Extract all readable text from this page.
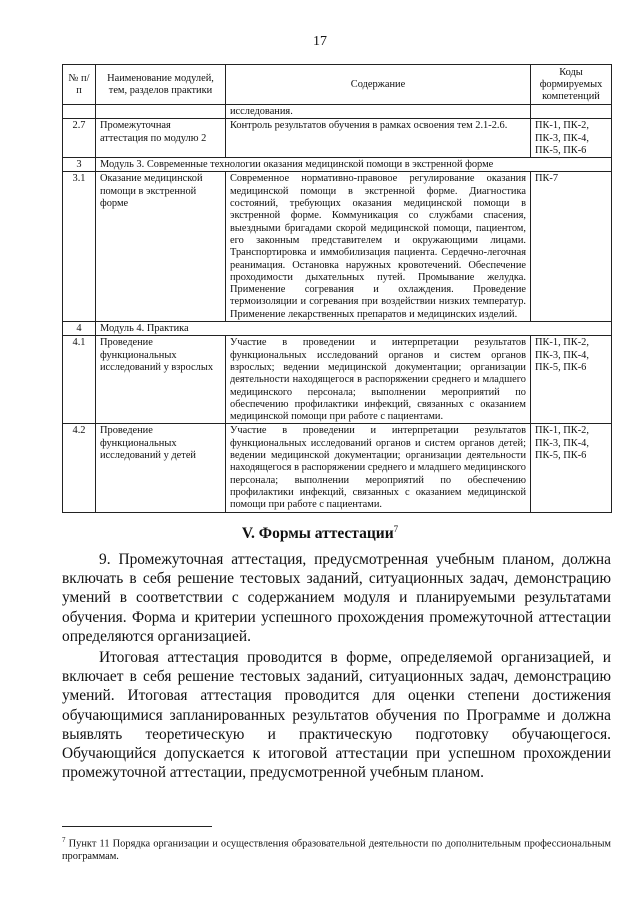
17
№ п/п	Наименование модулей, тем, разделов практики	Содержание	Коды формируемых компетенций
		исследования.	
2.7	Промежуточная аттестация по модулю 2	Контроль результатов обучения в рамках освоения тем 2.1-2.6.	ПК-1, ПК-2, ПК-3, ПК-4, ПК-5, ПК-6
3	Модуль 3. Современные технологии оказания медицинской помощи в экстренной форме		
3.1	Оказание медицинской помощи в экстренной форме	Современное нормативно-правовое регулирование оказания медицинской помощи в экстренной форме. Диагностика состояний, требующих оказания медицинской помощи в экстренной форме. Коммуникация со службами спасения, выездными бригадами скорой медицинской помощи, пациентом, его законным представителем и окружающими лицами. Транспортировка и иммобилизация пациента. Сердечно-легочная реанимация. Остановка наружных кровотечений. Обеспечение проходимости дыхательных путей. Промывание желудка. Применение согревания и охлаждения. Проведение термоизоляции и согревания при воздействии низких температур. Применение лекарственных препаратов и медицинских изделий.	ПК-7
4	Модуль 4. Практика		
4.1	Проведение функциональных исследований у взрослых	Участие в проведении и интерпретации результатов функциональных исследований органов и систем органов взрослых; ведении медицинской документации; организации деятельности находящегося в распоряжении среднего и младшего медицинского персонала; выполнении мероприятий по обеспечению профилактики инфекций, связанных с оказанием медицинской помощи при работе с пациентами.	ПК-1, ПК-2, ПК-3, ПК-4, ПК-5, ПК-6
4.2	Проведение функциональных исследований у детей	Участие в проведении и интерпретации результатов функциональных исследований органов и систем органов детей; ведении медицинской документации; организации деятельности находящегося в распоряжении среднего и младшего медицинского персонала; выполнении мероприятий по обеспечению профилактики инфекций, связанных с оказанием медицинской помощи при работе с пациентами.	ПК-1, ПК-2, ПК-3, ПК-4, ПК-5, ПК-6
V. Формы аттестации$^7$

9. Промежуточная аттестация, предусмотренная учебным планом, должна включать в себя решение тестовых заданий, ситуационных задач, демонстрацию умений в соответствии с содержанием модуля и планируемыми результатами обучения. Форма и критерии успешного прохождения промежуточной аттестации определяются организацией.

Итоговая аттестация проводится в форме, определяемой организацией, и включает в себя решение тестовых заданий, ситуационных задач, демонстрацию умений. Итоговая аттестация проводится для оценки степени достижения обучающимися запланированных результатов обучения по Программе и должна выявлять теоретическую и практическую подготовку обучающегося. Обучающийся допускается к итоговой аттестации при успешном прохождении промежуточной аттестации, предусмотренной учебным планом.

$^7$ Пункт 11 Порядка организации и осуществления образовательной деятельности по дополнительным профессиональным программам.
